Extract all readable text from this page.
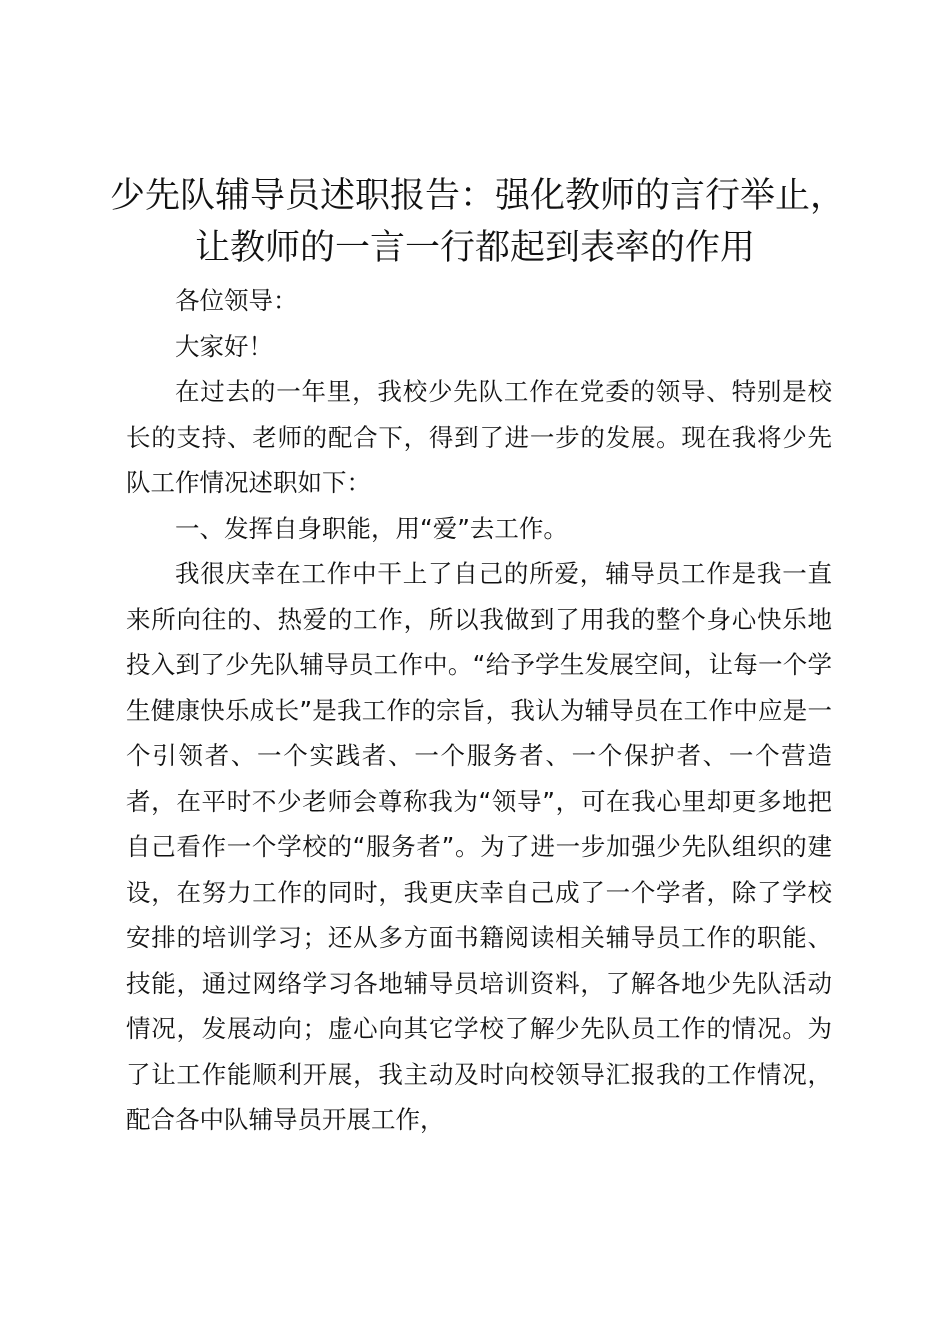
少先队辅导员述职报告：强化教师的言行举止，
让教师的一言一行都起到表率的作用

各位领导：

大家好！

在过去的一年里，我校少先队工作在党委的领导、特别是校长的支持、老师的配合下，得到了进一步的发展。现在我将少先队工作情况述职如下：

一、发挥自身职能，用“爱”去工作。

我很庆幸在工作中干上了自己的所爱，辅导员工作是我一直来所向往的、热爱的工作，所以我做到了用我的整个身心快乐地投入到了少先队辅导员工作中。“给予学生发展空间，让每一个学生健康快乐成长”是我工作的宗旨，我认为辅导员在工作中应是一个引领者、一个实践者、一个服务者、一个保护者、一个营造者，在平时不少老师会尊称我为“领导”，可在我心里却更多地把自己看作一个学校的“服务者”。为了进一步加强少先队组织的建设，在努力工作的同时，我更庆幸自己成了一个学者，除了学校安排的培训学习；还从多方面书籍阅读相关辅导员工作的职能、技能，通过网络学习各地辅导员培训资料，了解各地少先队活动情况，发展动向；虚心向其它学校了解少先队员工作的情况。为了让工作能顺利开展，我主动及时向校领导汇报我的工作情况，配合各中队辅导员开展工作，
